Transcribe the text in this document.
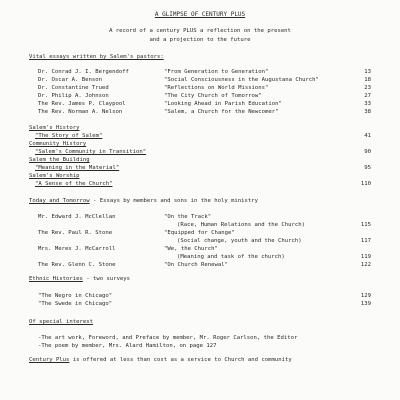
A GLIMPSE OF CENTURY PLUS
A record of a century PLUS a reflection on the present
and a projection to the future
Vital essays written by Salem's pastors:
Dr. Conrad J. I. Bergendoff	"From Generation to Generation"	13
Dr. Oscar A. Benson	"Social Consciousness in the Augustana Church"	18
Dr. Constantine Trued	"Reflections on World Missions"	23
Dr. Philip A. Johnson	"The City Church of Tomorrow"	27
The Rev. James P. Claypool	"Looking Ahead in Parish Education"	33
The Rev. Norman A. Nelson	"Salem, a Church for the Newcomer"	38
Salem's History
"The Story of Salem"	41
Community History
"Salem's Community in Transition"	90
Salem the Building
"Meaning in the Material"	95
Salem's Worship
"A Sense of the Church"	110
Today and Tomorrow - Essays by members and sons in the holy ministry
Mr. Edward J. McClellan	"On the Track"
(Race, Human Relations and the Church)	115
The Rev. Paul R. Stone	"Equipped for Change"
(Social change, youth and the Church)	117
Mrs. Meres J. McCarroll	"We, the Church"
(Meaning and task of the church)	119
The Rev. Glenn C. Stone	"On Church Renewal"	122
Ethnic Histories - two surveys
"The Negro in Chicago"	129
"The Swede in Chicago"	139
Of special interest
-The art work, Foreword, and Preface by member, Mr. Roger Carlson, the Editor
-The poem by member, Mrs. Alard Hamilton, on page 127
Century Plus is offered at less than cost as a service to Church and community
